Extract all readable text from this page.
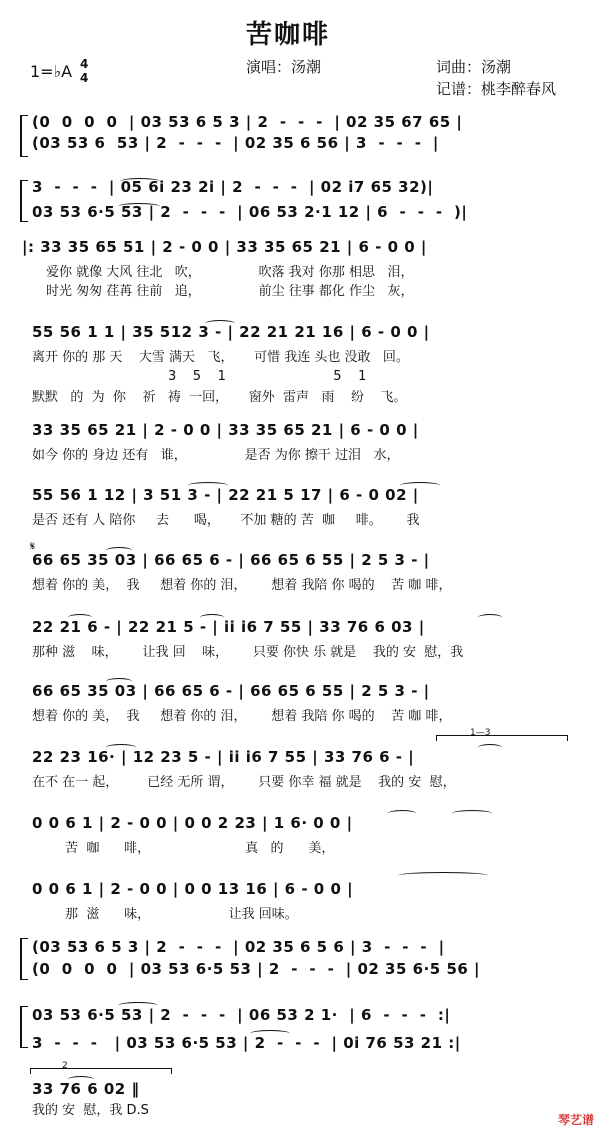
苦咖啡
1=♭A 4
4
演唱：汤潮	词曲：汤潮
记谱：桃李醉春风
(0  0  0  0  | 03 53 6 5 3 | 2  -  -  -  | 02 35 67 65 |
(03 53 6  53 | 2  -  -  -  | 02 35 6 56 | 3  -  -  -  |
3  -  -  -  | 05 6i 23 2i | 2  -  -  -  | 02 i7 65 32)|
03 53 6·5 53 | 2  -  -  -  | 06 53 2·1 12 | 6  -  -  -  )|
|: 33 35 65 51 | 2 - 0 0 | 33 35 65 21 | 6 - 0 0 |
爱你 就像 大风 往北   吹，              吹落 我对 你那 相思   泪，
时光 匆匆 荏苒 往前   追，              前尘 往事 都化 作尘   灰，
55 56 1 1 | 35 512 3 - | 22 21 21 16 | 6 - 0 0 |
离开 你的 那 天    大雪 满天   飞，     可惜 我连 头也 没敢   回。
3    5    1                          5    1
默默   的  为  你    祈   祷  一回，     窗外  雷声   雨    纷    飞。
33 35 65 21 | 2 - 0 0 | 33 35 65 21 | 6 - 0 0 |
如今 你的 身边 还有   谁，              是否 为你 擦干 过泪   水，
55 56 1 12 | 3 51 3 - | 22 21 5 17 | 6 - 0 02 |
是否 还有 人 陪你     去      喝，     不加 糖的 苦  咖     啡。      我
𝄋
66 65 35 03 | 66 65 6 - | 66 65 6 55 | 2 5 3 - |
想着 你的 美，  我     想着 你的 泪，      想着 我陪 你 喝的    苦 咖 啡，
22 21 6 - | 22 21 5 - | ii i6 7 55 | 33 76 6 03 |
那种 滋    味，      让我 回    味，      只要 你快 乐 就是    我的 安  慰，我
66 65 35 03 | 66 65 6 - | 66 65 6 55 | 2 5 3 - |
想着 你的 美，  我     想着 你的 泪，      想着 我陪 你 喝的    苦 咖 啡，
1—3
22 23 16· | 12 23 5 - | ii i6 7 55 | 33 76 6 - |
在不 在一 起，       已经 无所 谓，      只要 你幸 福 就是    我的 安  慰，
0 0 6 1 | 2 - 0 0 | 0 0 2 23 | 1 6· 0 0 |
苦  咖      啡，                       真   的      美，
0 0 6 1 | 2 - 0 0 | 0 0 13 16 | 6 - 0 0 |
那  滋      味，                   让我 回味。
(03 53 6 5 3 | 2  -  -  -  | 02 35 6 5 6 | 3  -  -  -  |
(0  0  0  0  | 03 53 6·5 53 | 2  -  -  -  | 02 35 6·5 56 |
03 53 6·5 53 | 2  -  -  -  | 06 53 2 1·  | 6  -  -  -  :|
3  -  -  -   | 03 53 6·5 53 | 2  -  -  -  | 0i 76 53 21 :|
2
33 76 6 02 ‖
我的 安  慰，我 D.S
琴艺谱
